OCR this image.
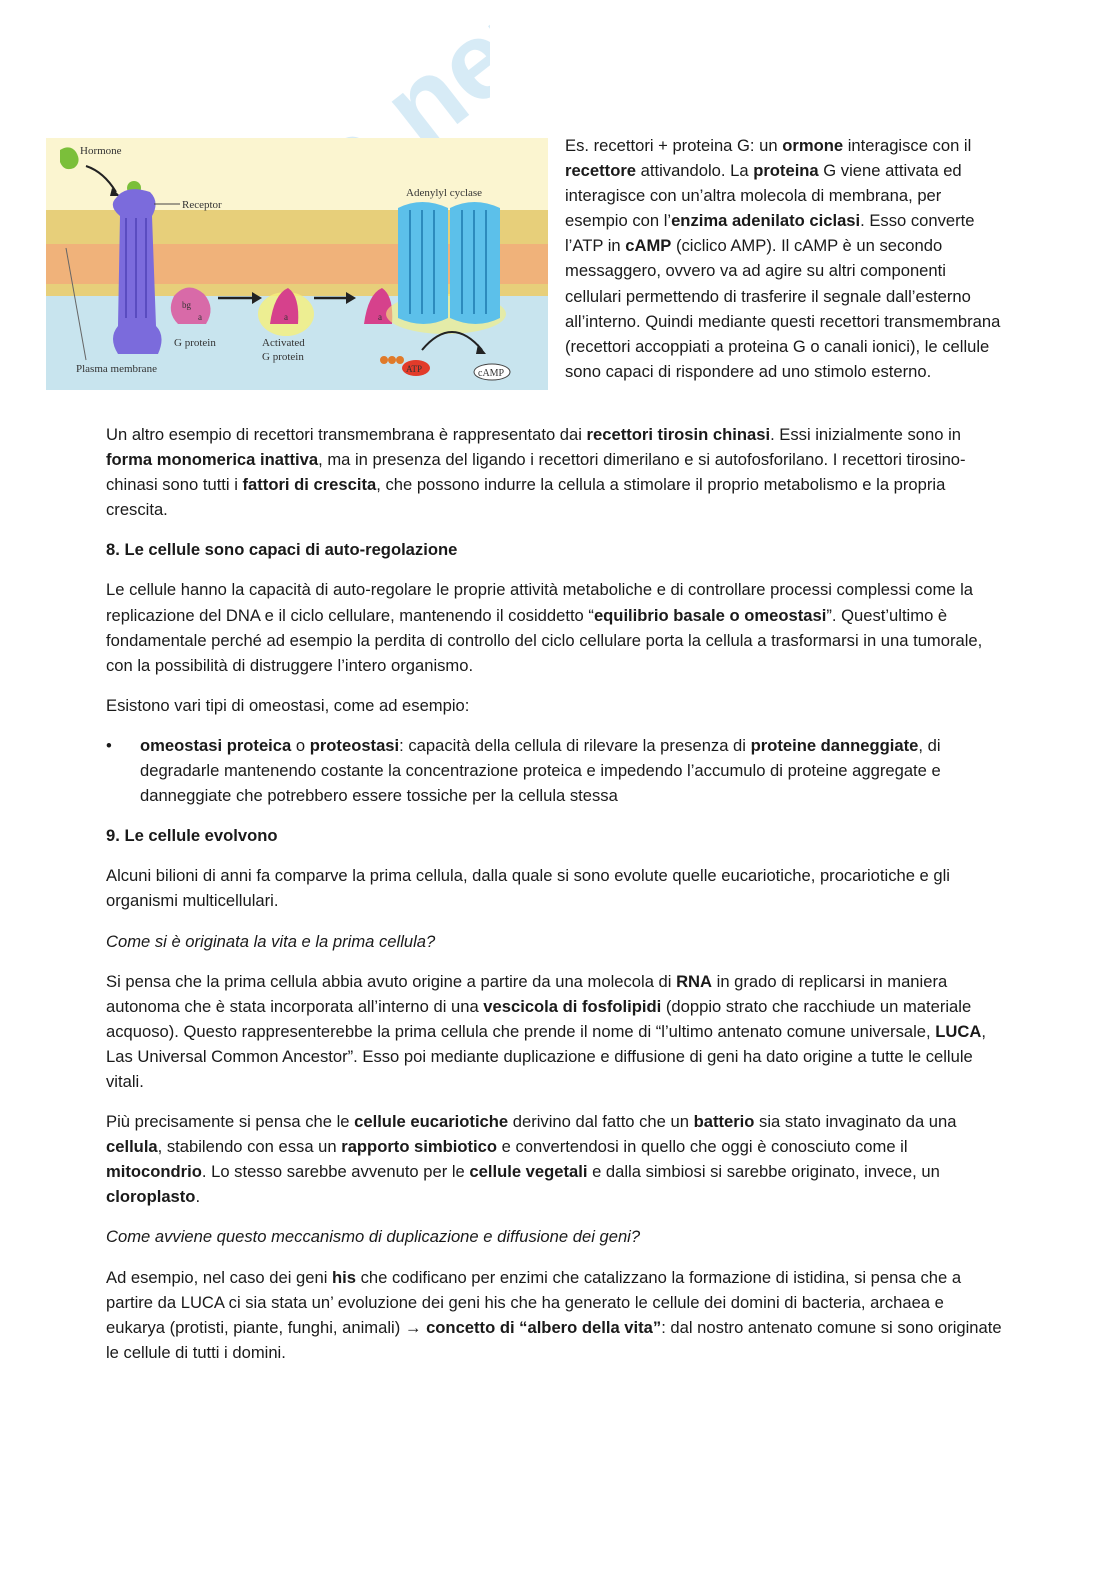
Hormone
Receptor
bg
a
G protein
a
Activated
G protein
a
Adenylyl cyclase
ATP	cAMP
Plasma membrane

Es. recettori + proteina G: un ormone interagisce con il recettore attivandolo. La proteina G viene attivata ed interagisce con un’altra molecola di membrana, per esempio con l’enzima adenilato ciclasi. Esso converte l’ATP in cAMP (ciclico AMP). Il cAMP è un secondo messaggero, ovvero va ad agire su altri componenti cellulari permettendo di trasferire il segnale dall’esterno all’interno. Quindi mediante questi recettori transmembrana (recettori accoppiati a proteina G o canali ionici), le cellule sono capaci di rispondere ad uno stimolo esterno.

Un altro esempio di recettori transmembrana è rappresentato dai recettori tirosin chinasi. Essi inizialmente sono in forma monomerica inattiva, ma in presenza del ligando i recettori dimerilano e si autofosforilano. I recettori tirosino-chinasi sono tutti i fattori di crescita, che possono indurre la cellula a stimolare il proprio metabolismo e la propria crescita.

8. Le cellule sono capaci di auto-regolazione

Le cellule hanno la capacità di auto-regolare le proprie attività metaboliche e di controllare processi complessi come la replicazione del DNA e il ciclo cellulare, mantenendo il cosiddetto “equilibrio basale o omeostasi”. Quest’ultimo è fondamentale perché ad esempio la perdita di controllo del ciclo cellulare porta la cellula a trasformarsi in una tumorale, con la possibilità di distruggere l’intero organismo.

Esistono vari tipi di omeostasi, come ad esempio:

• omeostasi proteica o proteostasi: capacità della cellula di rilevare la presenza di proteine danneggiate, di degradarle mantenendo costante la concentrazione proteica e impedendo l’accumulo di proteine aggregate e danneggiate che potrebbero essere tossiche per la cellula stessa
9. Le cellule evolvono

Alcuni bilioni di anni fa comparve la prima cellula, dalla quale si sono evolute quelle eucariotiche, procariotiche e gli organismi multicellulari.

Come si è originata la vita e la prima cellula?

Si pensa che la prima cellula abbia avuto origine a partire da una molecola di RNA in grado di replicarsi in maniera autonoma che è stata incorporata all’interno di una vescicola di fosfolipidi (doppio strato che racchiude un materiale acquoso). Questo rappresenterebbe la prima cellula che prende il nome di “l’ultimo antenato comune universale, LUCA, Las Universal Common Ancestor”. Esso poi mediante duplicazione e diffusione di geni ha dato origine a tutte le cellule vitali.

Più precisamente si pensa che le cellule eucariotiche derivino dal fatto che un batterio sia stato invaginato da una cellula, stabilendo con essa un rapporto simbiotico e convertendosi in quello che oggi è conosciuto come il mitocondrio. Lo stesso sarebbe avvenuto per le cellule vegetali e dalla simbiosi si sarebbe originato, invece, un cloroplasto.

Come avviene questo meccanismo di duplicazione e diffusione dei geni?

Ad esempio, nel caso dei geni his che codificano per enzimi che catalizzano la formazione di istidina, si pensa che a partire da LUCA ci sia stata un’ evoluzione dei geni his che ha generato le cellule dei domini di bacteria, archaea e eukarya (protisti, piante, funghi, animali) → concetto di “albero della vita”: dal nostro antenato comune si sono originate le cellule di tutti i domini.
